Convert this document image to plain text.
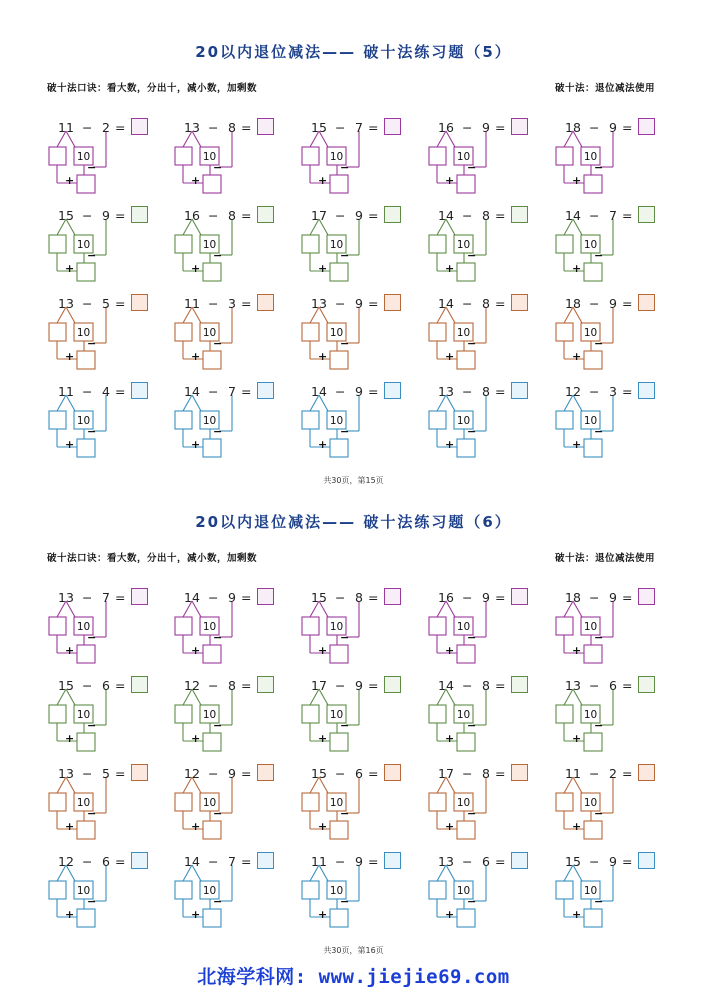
20以内退位减法—— 破十法练习题（5）
破十法口诀：看大数，分出十，减小数，加剩数	破十法：退位减法使用
共30页，第15页
11 − 2 =
10
+
−
13 − 8 =
10
+
−
15 − 7 =
10
+
−
16 − 9 =
10
+
−
18 − 9 =
10
+
−
15 − 9 =
10
+
−
16 − 8 =
10
+
−
17 − 9 =
10
+
−
14 − 8 =
10
+
−
14 − 7 =
10
+
−
13 − 5 =
10
+
−
11 − 3 =
10
+
−
13 − 9 =
10
+
−
14 − 8 =
10
+
−
18 − 9 =
10
+
−
11 − 4 =
10
+
−
14 − 7 =
10
+
−
14 − 9 =
10
+
−
13 − 8 =
10
+
−
12 − 3 =
10
+
−
20以内退位减法—— 破十法练习题（6）
破十法口诀：看大数，分出十，减小数，加剩数	破十法：退位减法使用
共30页，第16页
13 − 7 =
10
+
−
14 − 9 =
10
+
−
15 − 8 =
10
+
−
16 − 9 =
10
+
−
18 − 9 =
10
+
−
15 − 6 =
10
+
−
12 − 8 =
10
+
−
17 − 9 =
10
+
−
14 − 8 =
10
+
−
13 − 6 =
10
+
−
13 − 5 =
10
+
−
12 − 9 =
10
+
−
15 − 6 =
10
+
−
17 − 8 =
10
+
−
11 − 2 =
10
+
−
12 − 6 =
10
+
−
14 − 7 =
10
+
−
11 − 9 =
10
+
−
13 − 6 =
10
+
−
15 − 9 =
10
+
−
北海学科网: www.jiejie69.com
